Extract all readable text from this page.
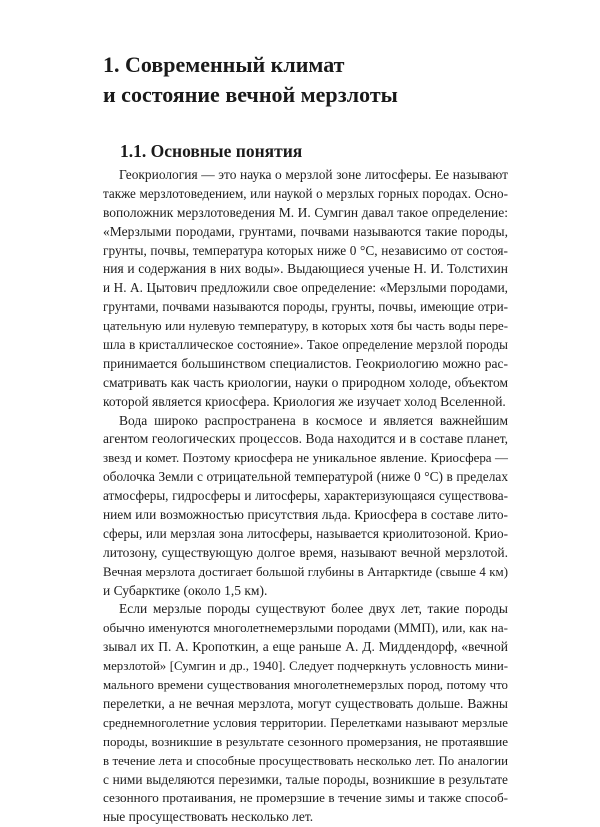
1. Современный климат
и состояние вечной мерзлоты
1.1. Основные понятия
Геокриология — это наука о мерзлой зоне литосферы. Ее называют
также мерзлотоведением, или наукой о мерзлых горных породах. Осно-
воположник мерзлотоведения М. И. Сумгин давал такое определение:
«Мерзлыми породами, грунтами, почвами называются такие породы,
грунты, почвы, температура которых ниже 0 °С, независимо от состоя-
ния и содержания в них воды». Выдающиеся ученые Н. И. Толстихин
и Н. А. Цытович предложили свое определение: «Мерзлыми породами,
грунтами, почвами называются породы, грунты, почвы, имеющие отри-
цательную или нулевую температуру, в которых хотя бы часть воды пере-
шла в кристаллическое состояние». Такое определение мерзлой породы
принимается большинством специалистов. Геокриологию можно рас-
сматривать как часть криологии, науки о природном холоде, объектом
которой является криосфера. Криология же изучает холод Вселенной.
Вода широко распространена в космосе и является важнейшим
агентом геологических процессов. Вода находится и в составе планет,
звезд и комет. Поэтому криосфера не уникальное явление. Криосфера —
оболочка Земли с отрицательной температурой (ниже 0 °С) в пределах
атмосферы, гидросферы и литосферы, характеризующаяся существова-
нием или возможностью присутствия льда. Криосфера в составе лито-
сферы, или мерзлая зона литосферы, называется криолитозоной. Крио-
литозону, существующую долгое время, называют вечной мерзлотой.
Вечная мерзлота достигает большой глубины в Антарктиде (свыше 4 км)
и Субарктике (около 1,5 км).
Если мерзлые породы существуют более двух лет, такие породы
обычно именуются многолетнемерзлыми породами (ММП), или, как на-
зывал их П. А. Кропоткин, а еще раньше А. Д. Миддендорф, «вечной
мерзлотой» [Сумгин и др., 1940]. Следует подчеркнуть условность мини-
мального времени существования многолетнемерзлых пород, потому что
перелетки, а не вечная мерзлота, могут существовать дольше. Важны
среднемноголетние условия территории. Перелетками называют мерзлые
породы, возникшие в результате сезонного промерзания, не протаявшие
в течение лета и способные просуществовать несколько лет. По аналогии
с ними выделяются перезимки, талые породы, возникшие в результате
сезонного протаивания, не промерзшие в течение зимы и также способ-
ные просуществовать несколько лет.
